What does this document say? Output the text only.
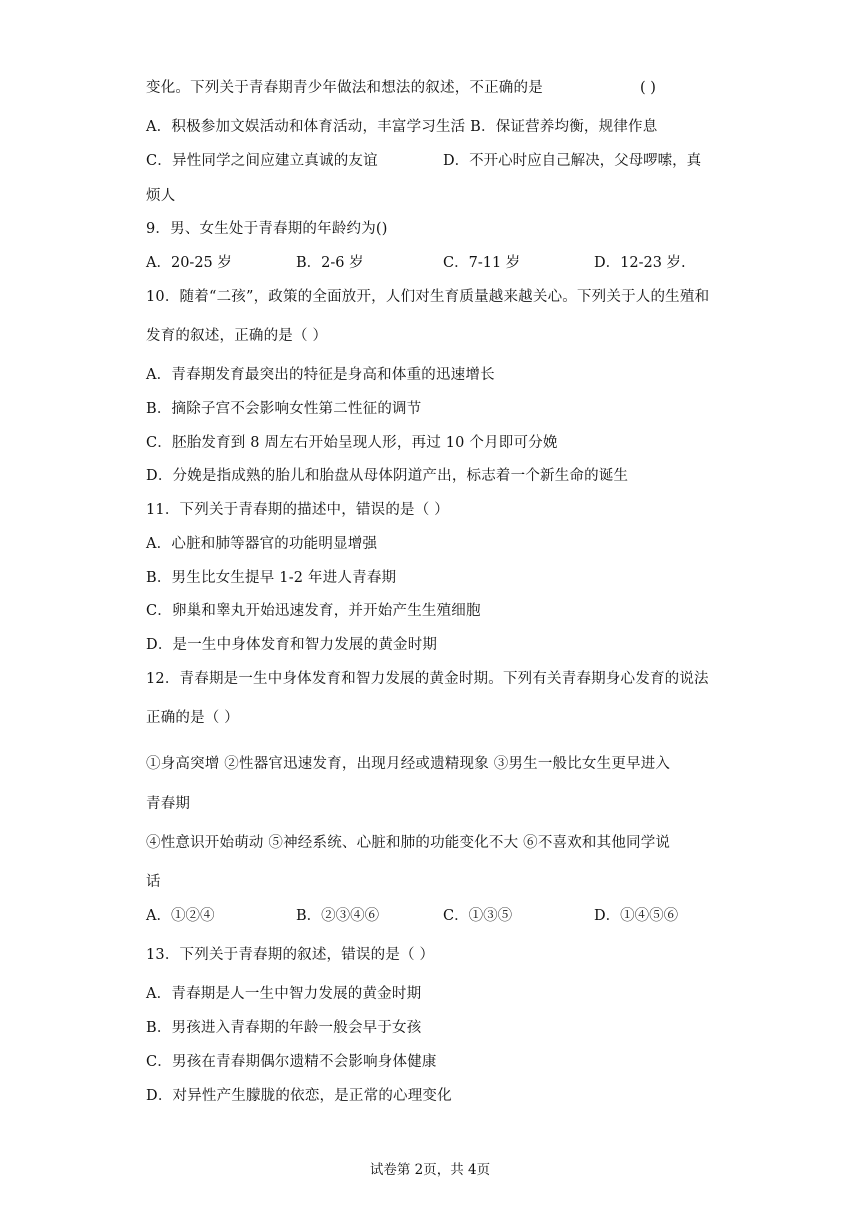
变化。下列关于青春期青少年做法和想法的叙述，不正确的是	( )
A．积极参加文娱活动和体育活动，丰富学习生活 B．保证营养均衡，规律作息
C．异性同学之间应建立真诚的友谊	D．不开心时应自己解决，父母啰嗦，真
烦人
9．男、女生处于青春期的年龄约为()
A．20-25 岁	B．2-6 岁	C．7-11 岁	D．12-23 岁.
10．随着“二孩”，政策的全面放开，人们对生育质量越来越关心。下列关于人的生殖和
发育的叙述，正确的是（ ）
A．青春期发育最突出的特征是身高和体重的迅速增长
B．摘除子宫不会影响女性第二性征的调节
C．胚胎发育到 8 周左右开始呈现人形，再过 10 个月即可分娩
D．分娩是指成熟的胎儿和胎盘从母体阴道产出，标志着一个新生命的诞生
11．下列关于青春期的描述中，错误的是（ ）
A．心脏和肺等器官的功能明显增强
B．男生比女生提早 1-2 年进人青春期
C．卵巢和睾丸开始迅速发育，并开始产生生殖细胞
D．是一生中身体发育和智力发展的黄金时期
12．青春期是一生中身体发育和智力发展的黄金时期。下列有关青春期身心发育的说法
正确的是（ ）
①身高突增 ②性器官迅速发育，出现月经或遗精现象 ③男生一般比女生更早进入
青春期
④性意识开始萌动 ⑤神经系统、心脏和肺的功能变化不大 ⑥不喜欢和其他同学说
话
A．①②④	B．②③④⑥	C．①③⑤	D．①④⑤⑥
13．下列关于青春期的叙述，错误的是（ ）
A．青春期是人一生中智力发展的黄金时期
B．男孩进入青春期的年龄一般会早于女孩
C．男孩在青春期偶尔遗精不会影响身体健康
D．对异性产生朦胧的依恋，是正常的心理变化
试卷第 2页，共 4页
